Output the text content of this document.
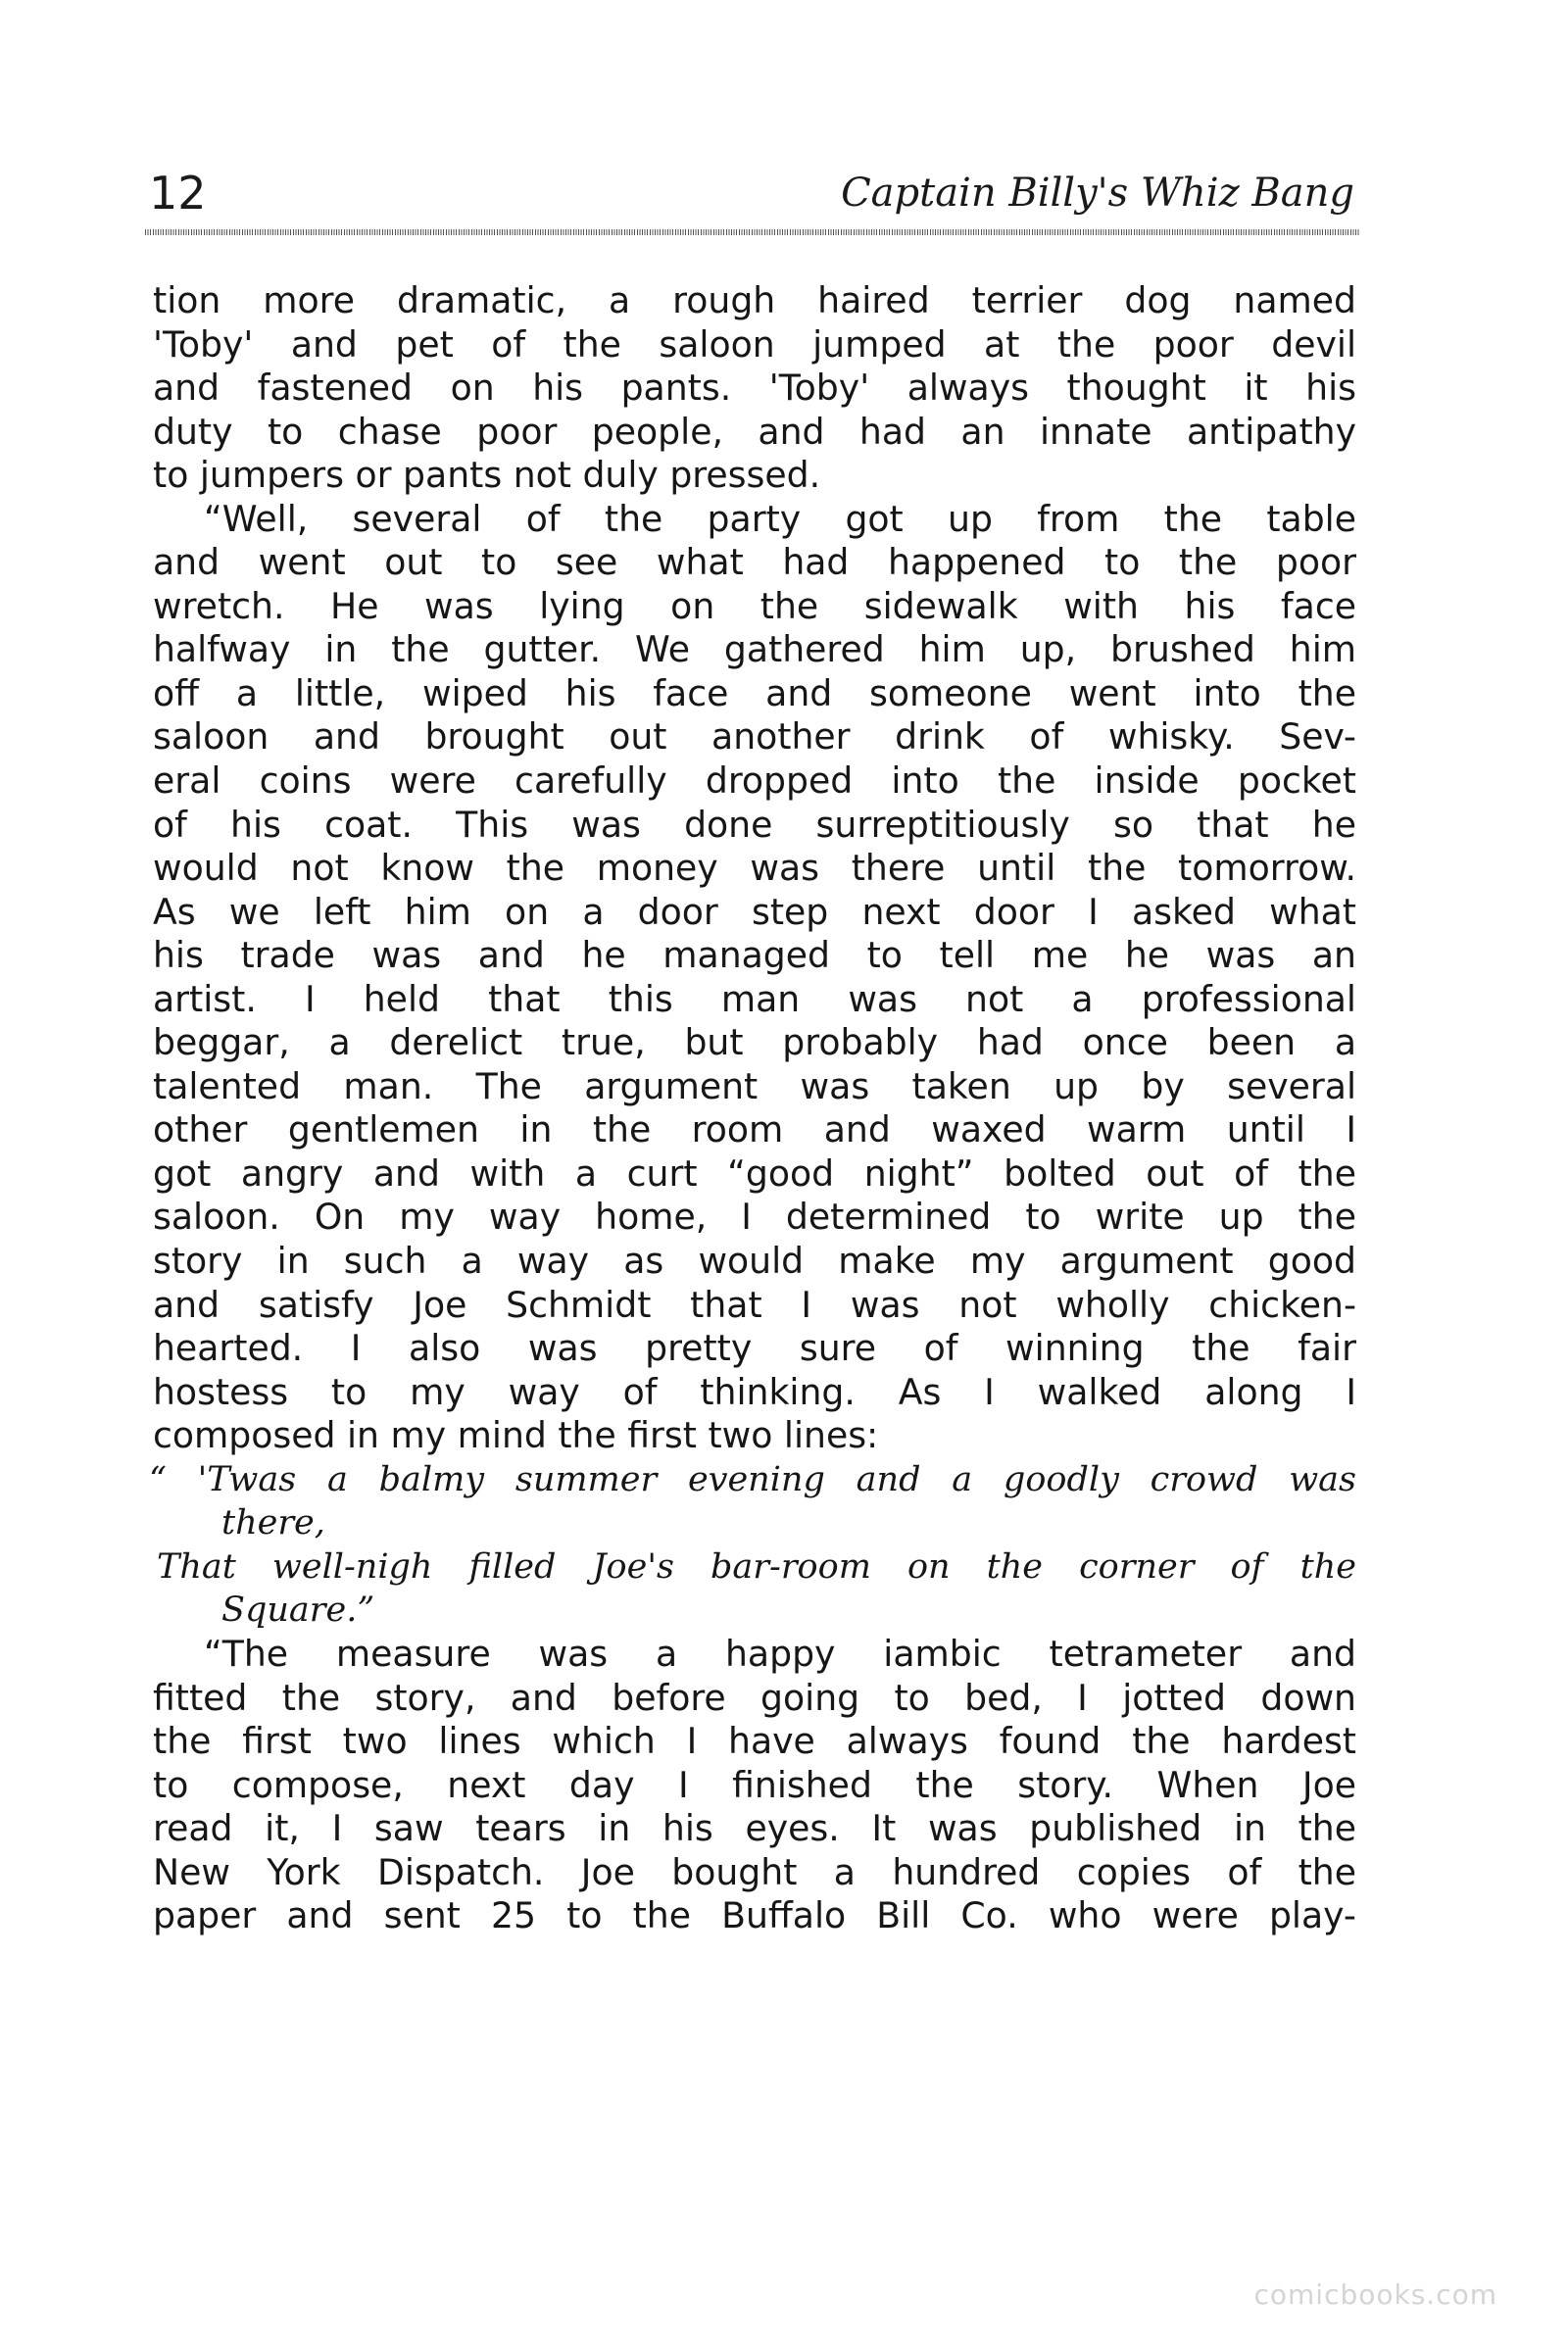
12	Captain Billy's Whiz Bang
tion more dramatic, a rough haired terrier dog named
'Toby' and pet of the saloon jumped at the poor devil
and fastened on his pants. 'Toby' always thought it his
duty to chase poor people, and had an innate antipathy
to jumpers or pants not duly pressed.
“Well, several of the party got up from the table
and went out to see what had happened to the poor
wretch. He was lying on the sidewalk with his face
halfway in the gutter. We gathered him up, brushed him
off a little, wiped his face and someone went into the
saloon and brought out another drink of whisky. Sev-
eral coins were carefully dropped into the inside pocket
of his coat. This was done surreptitiously so that he
would not know the money was there until the tomorrow.
As we left him on a door step next door I asked what
his trade was and he managed to tell me he was an
artist. I held that this man was not a professional
beggar, a derelict true, but probably had once been a
talented man. The argument was taken up by several
other gentlemen in the room and waxed warm until I
got angry and with a curt “good night” bolted out of the
saloon. On my way home, I determined to write up the
story in such a way as would make my argument good
and satisfy Joe Schmidt that I was not wholly chicken-
hearted. I also was pretty sure of winning the fair
hostess to my way of thinking. As I walked along I
composed in my mind the first two lines:
“ 'Twas a balmy summer evening and a goodly crowd was
there,
That well-nigh filled Joe's bar-room on the corner of the
Square.”
“The measure was a happy iambic tetrameter and
fitted the story, and before going to bed, I jotted down
the first two lines which I have always found the hardest
to compose, next day I finished the story. When Joe
read it, I saw tears in his eyes. It was published in the
New York Dispatch. Joe bought a hundred copies of the
paper and sent 25 to the Buffalo Bill Co. who were play-
comicbooks.com
